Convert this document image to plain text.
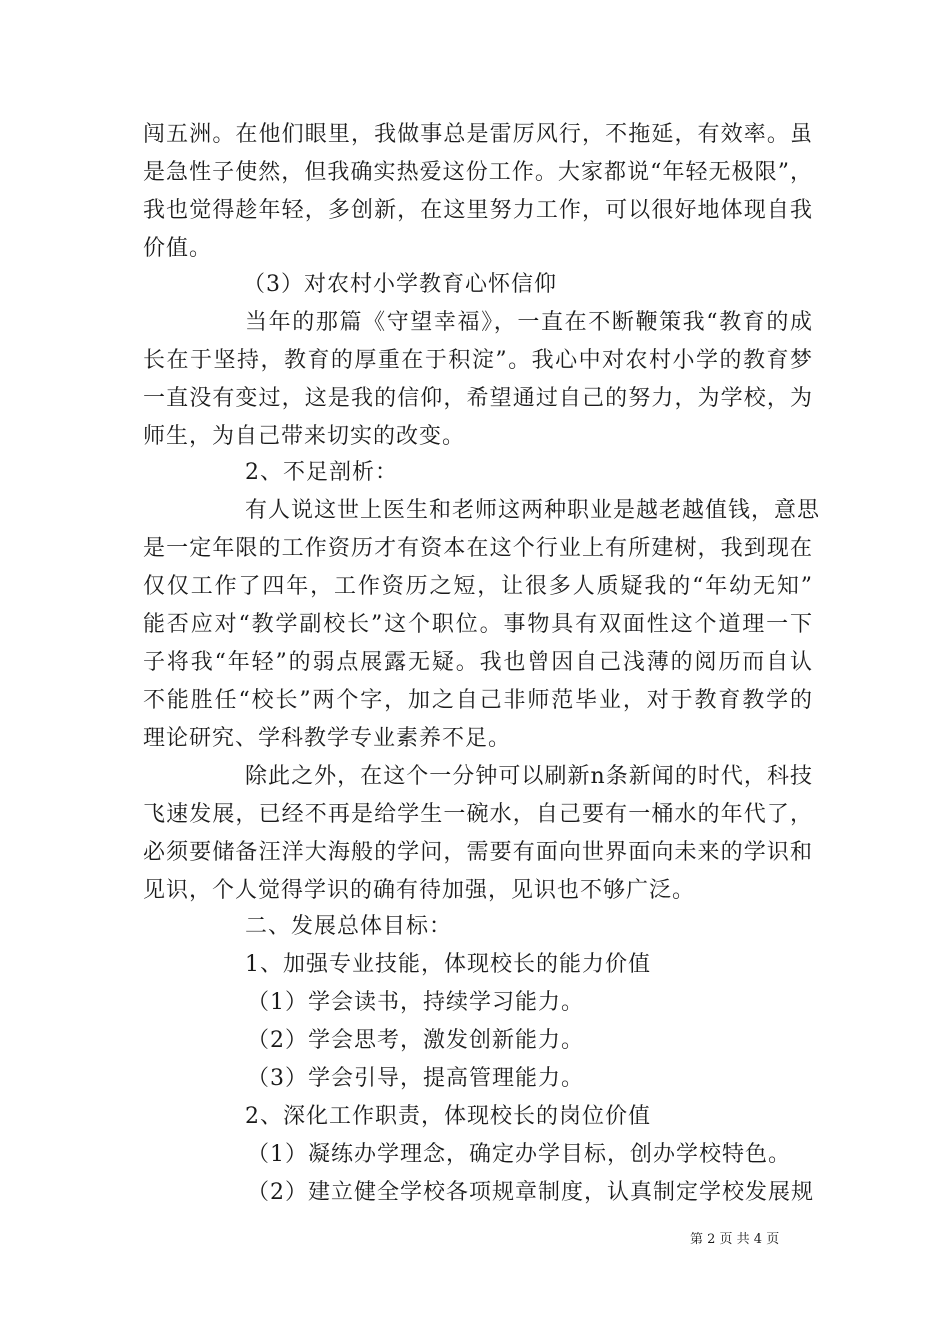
闯五洲。在他们眼里，我做事总是雷厉风行，不拖延，有效率。虽
是急性子使然，但我确实热爱这份工作。大家都说“年轻无极限”，
我也觉得趁年轻，多创新，在这里努力工作，可以很好地体现自我
价值。
（3）对农村小学教育心怀信仰
当年的那篇《守望幸福》，一直在不断鞭策我“教育的成
长在于坚持，教育的厚重在于积淀”。我心中对农村小学的教育梦
一直没有变过，这是我的信仰，希望通过自己的努力，为学校，为
师生，为自己带来切实的改变。
2、不足剖析：
有人说这世上医生和老师这两种职业是越老越值钱，意思
是一定年限的工作资历才有资本在这个行业上有所建树，我到现在
仅仅工作了四年，工作资历之短，让很多人质疑我的“年幼无知”
能否应对“教学副校长”这个职位。事物具有双面性这个道理一下
子将我“年轻”的弱点展露无疑。我也曾因自己浅薄的阅历而自认
不能胜任“校长”两个字，加之自己非师范毕业，对于教育教学的
理论研究、学科教学专业素养不足。
除此之外，在这个一分钟可以刷新n条新闻的时代，科技
飞速发展，已经不再是给学生一碗水，自己要有一桶水的年代了，
必须要储备汪洋大海般的学问，需要有面向世界面向未来的学识和
见识，个人觉得学识的确有待加强，见识也不够广泛。
二、发展总体目标：
1、加强专业技能，体现校长的能力价值
（1）学会读书，持续学习能力。
（2）学会思考，激发创新能力。
（3）学会引导，提高管理能力。
2、深化工作职责，体现校长的岗位价值
（1）凝练办学理念，确定办学目标，创办学校特色。
（2）建立健全学校各项规章制度，认真制定学校发展规
第 2 页 共 4 页
